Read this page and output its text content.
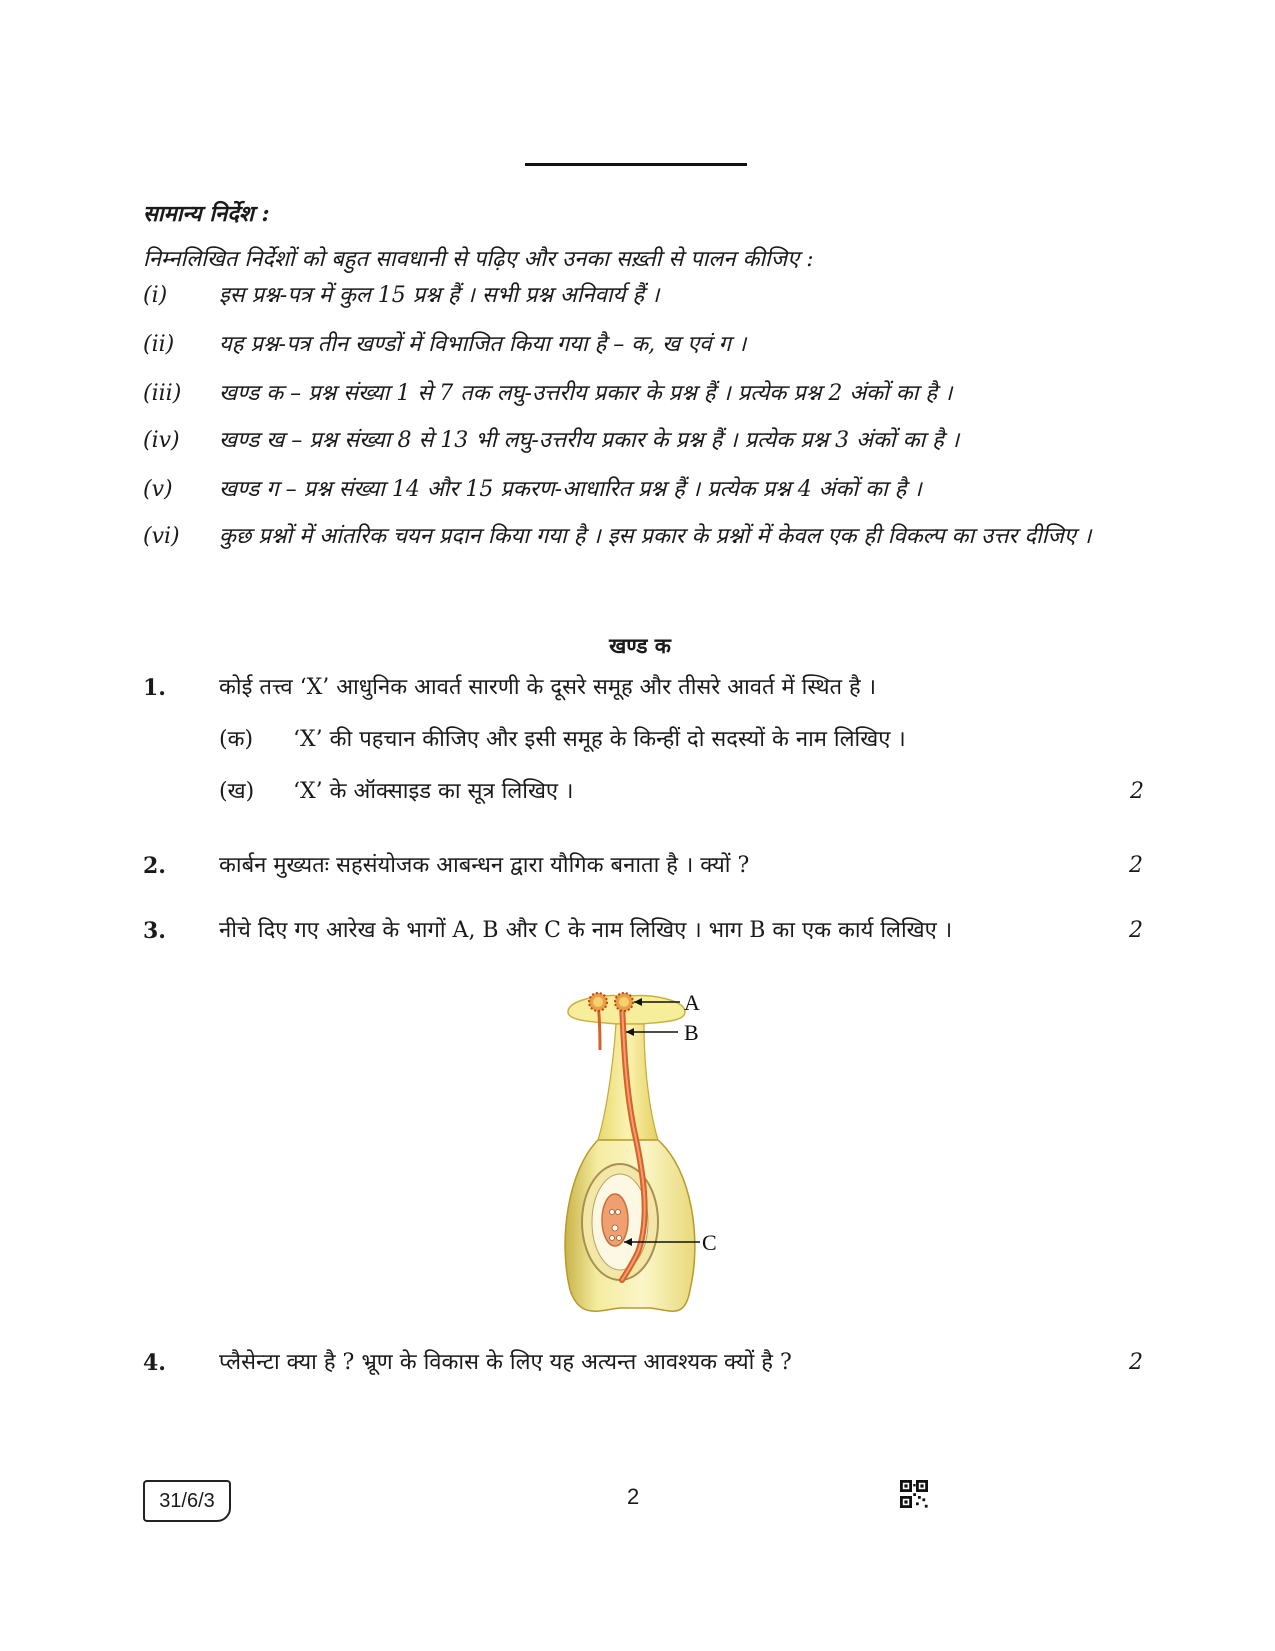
सामान्य निर्देश :
निम्नलिखित निर्देशों को बहुत सावधानी से पढ़िए और उनका सख़्ती से पालन कीजिए :
(i)	इस प्रश्न-पत्र में कुल 15 प्रश्न हैं । सभी प्रश्न अनिवार्य हैं ।
(ii)	यह प्रश्न-पत्र तीन खण्डों में विभाजित किया गया है – क, ख एवं ग ।
(iii)	खण्ड क – प्रश्न संख्या 1 से 7 तक लघु-उत्तरीय प्रकार के प्रश्न हैं । प्रत्येक प्रश्न 2 अंकों का है ।
(iv)	खण्ड ख – प्रश्न संख्या 8 से 13 भी लघु-उत्तरीय प्रकार के प्रश्न हैं । प्रत्येक प्रश्न 3 अंकों का है ।
(v)	खण्ड ग – प्रश्न संख्या 14 और 15 प्रकरण-आधारित प्रश्न हैं । प्रत्येक प्रश्न 4 अंकों का है ।
(vi)	कुछ प्रश्नों में आंतरिक चयन प्रदान किया गया है । इस प्रकार के प्रश्नों में केवल एक ही विकल्प का उत्तर दीजिए ।
खण्ड क
1. कोई तत्त्व ‘X’ आधुनिक आवर्त सारणी के दूसरे समूह और तीसरे आवर्त में स्थित है ।
(क) ‘X’ की पहचान कीजिए और इसी समूह के किन्हीं दो सदस्यों के नाम लिखिए ।
(ख) ‘X’ के ऑक्साइड का सूत्र लिखिए ।	2
2. कार्बन मुख्यतः सहसंयोजक आबन्धन द्वारा यौगिक बनाता है । क्यों ?	2
3. नीचे दिए गए आरेख के भागों A, B और C के नाम लिखिए । भाग B का एक कार्य लिखिए ।	2
A
B
C
4. प्लैसेन्टा क्या है ? भ्रूण के विकास के लिए यह अत्यन्त आवश्यक क्यों है ?	2
31/6/3	2
